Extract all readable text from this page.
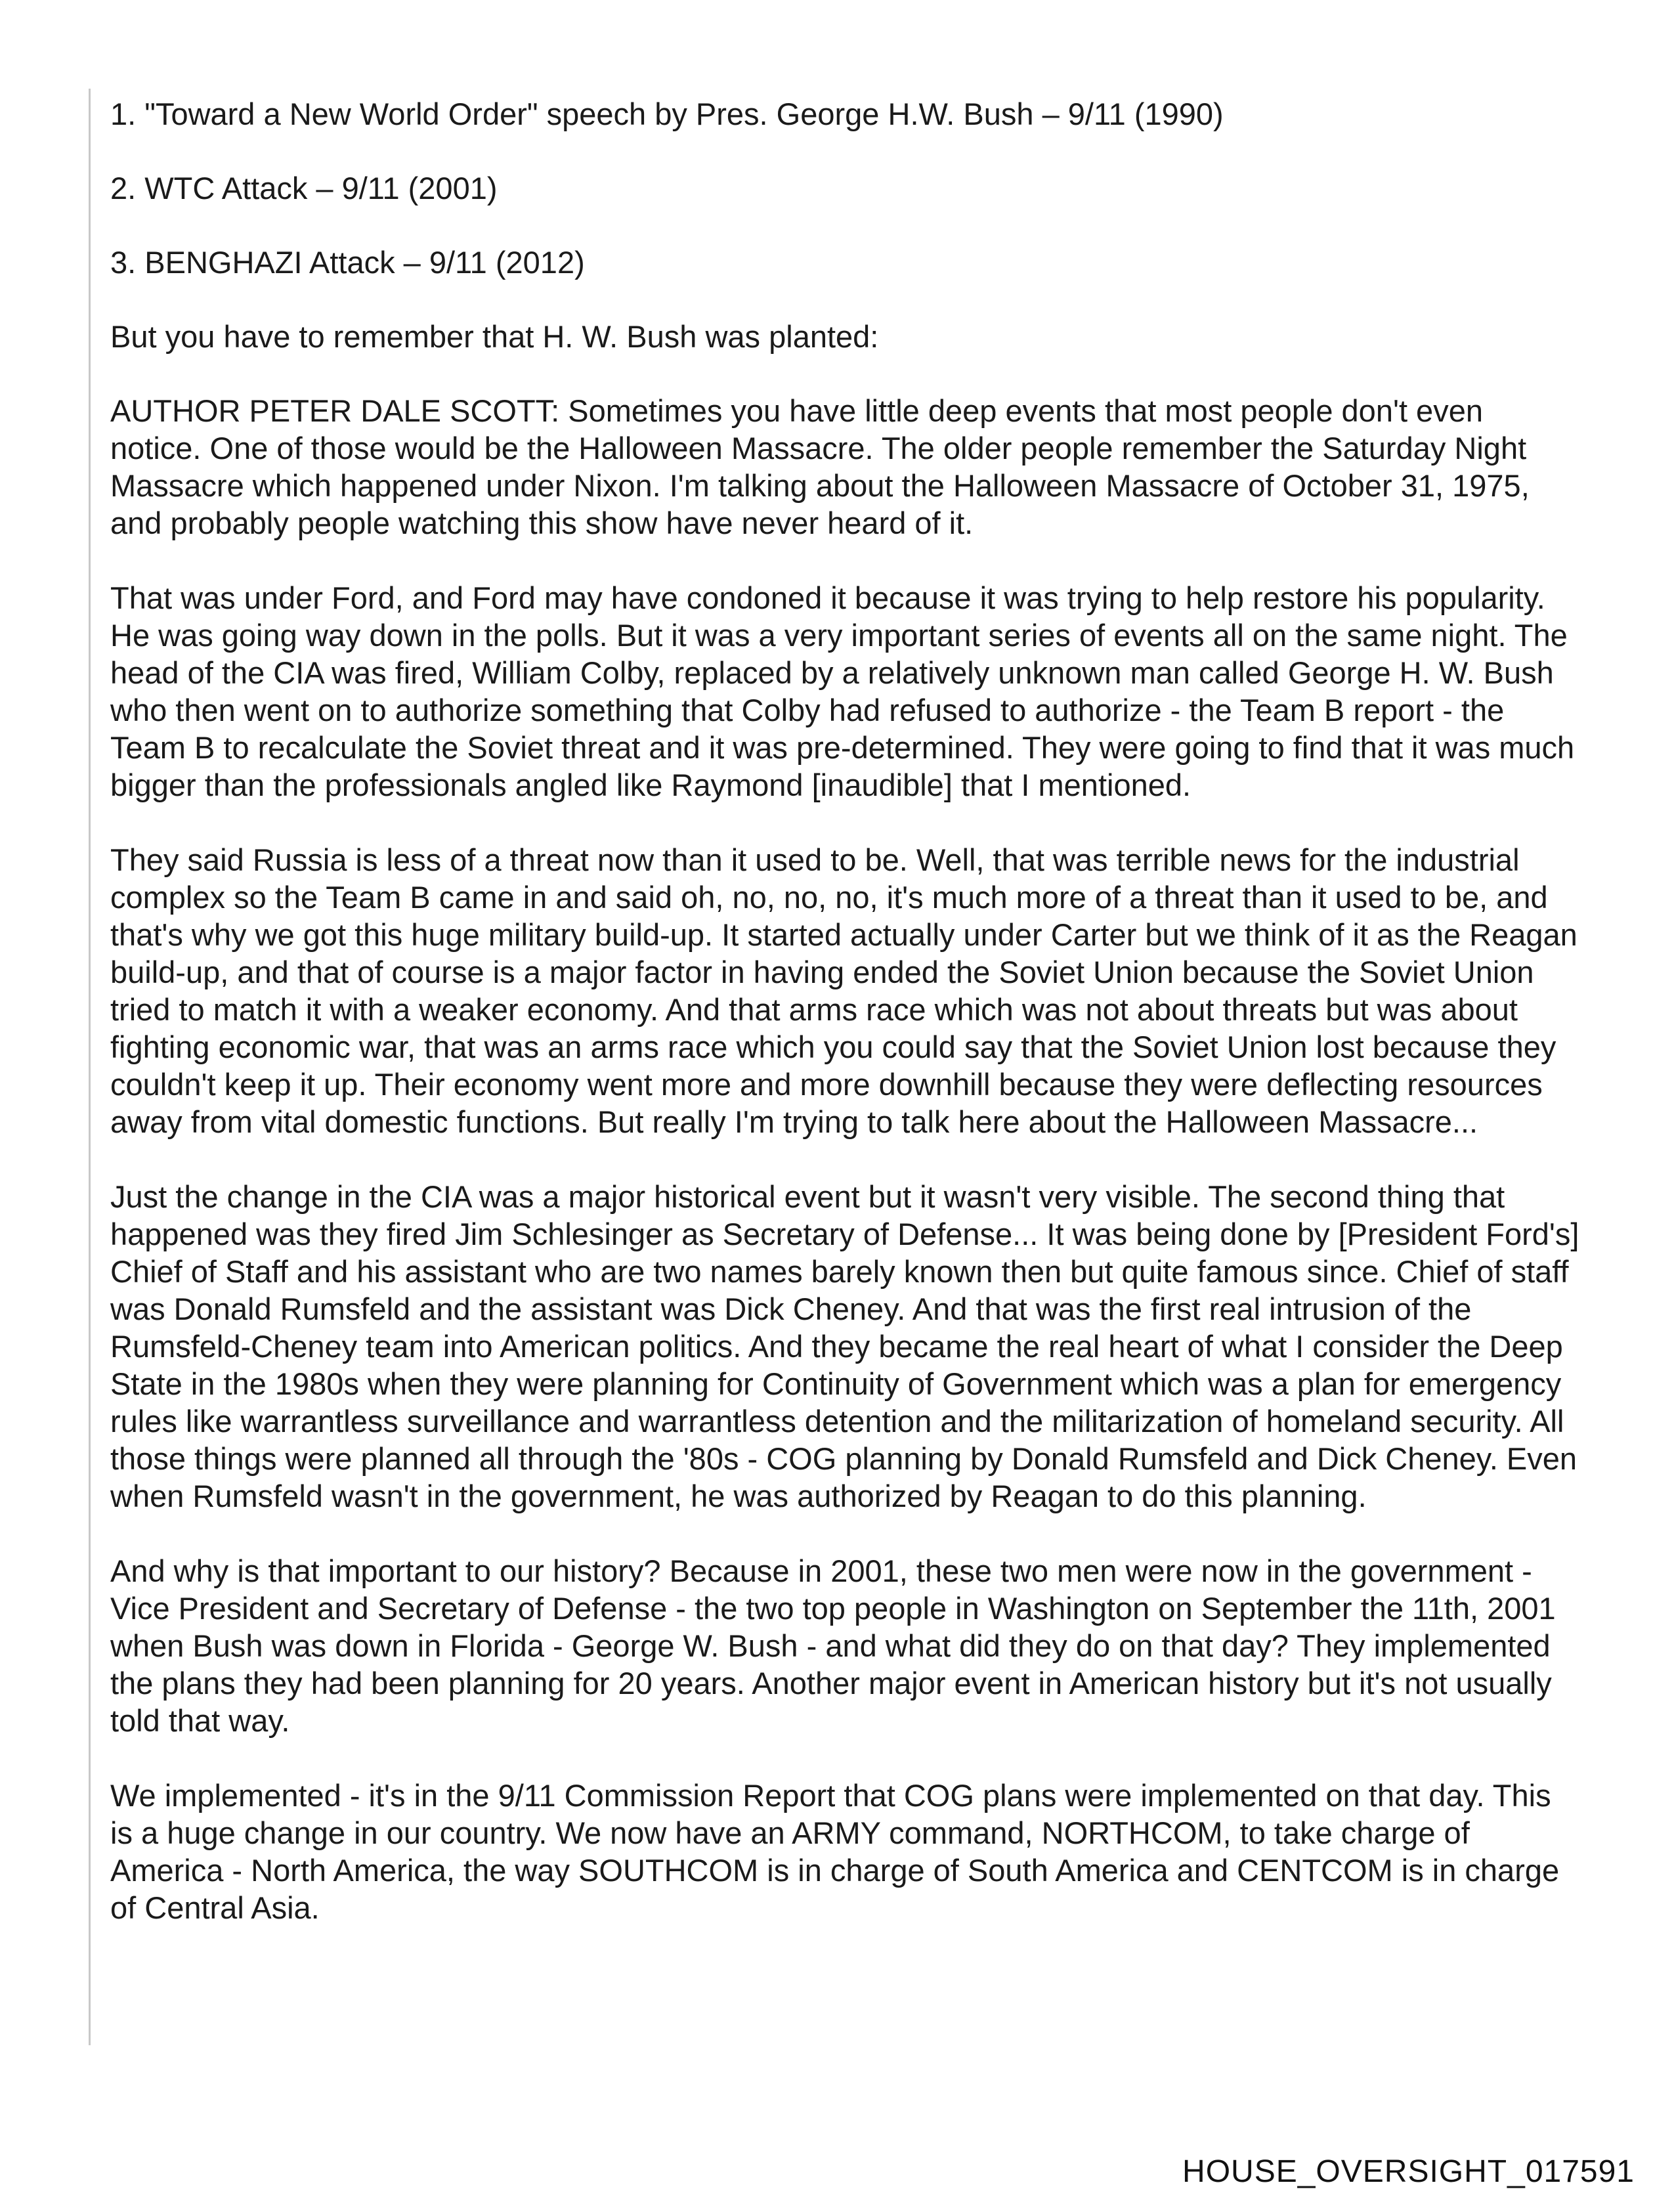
1. "Toward a New World Order" speech by Pres. George H.W. Bush – 9/11 (1990)
2. WTC Attack – 9/11 (2001)
3. BENGHAZI Attack – 9/11 (2012)
But you have to remember that H. W. Bush was planted:
AUTHOR PETER DALE SCOTT: Sometimes you have little deep events that most people don't even notice. One of those would be the Halloween Massacre. The older people remember the Saturday Night Massacre which happened under Nixon. I'm talking about the Halloween Massacre of October 31, 1975, and probably people watching this show have never heard of it.
That was under Ford, and Ford may have condoned it because it was trying to help restore his popularity. He was going way down in the polls. But it was a very important series of events all on the same night. The head of the CIA was fired, William Colby, replaced by a relatively unknown man called George H. W. Bush who then went on to authorize something that Colby had refused to authorize - the Team B report - the Team B to recalculate the Soviet threat and it was pre-determined. They were going to find that it was much bigger than the professionals angled like Raymond [inaudible] that I mentioned.
They said Russia is less of a threat now than it used to be. Well, that was terrible news for the industrial complex so the Team B came in and said oh, no, no, no, it's much more of a threat than it used to be, and that's why we got this huge military build-up. It started actually under Carter but we think of it as the Reagan build-up, and that of course is a major factor in having ended the Soviet Union because the Soviet Union tried to match it with a weaker economy. And that arms race which was not about threats but was about fighting economic war, that was an arms race which you could say that the Soviet Union lost because they couldn't keep it up. Their economy went more and more downhill because they were deflecting resources away from vital domestic functions. But really I'm trying to talk here about the Halloween Massacre...
Just the change in the CIA was a major historical event but it wasn't very visible. The second thing that happened was they fired Jim Schlesinger as Secretary of Defense... It was being done by [President Ford's] Chief of Staff and his assistant who are two names barely known then but quite famous since. Chief of staff was Donald Rumsfeld and the assistant was Dick Cheney. And that was the first real intrusion of the Rumsfeld-Cheney team into American politics. And they became the real heart of what I consider the Deep State in the 1980s when they were planning for Continuity of Government which was a plan for emergency rules like warrantless surveillance and warrantless detention and the militarization of homeland security. All those things were planned all through the '80s - COG planning by Donald Rumsfeld and Dick Cheney. Even when Rumsfeld wasn't in the government, he was authorized by Reagan to do this planning.
And why is that important to our history? Because in 2001, these two men were now in the government - Vice President and Secretary of Defense - the two top people in Washington on September the 11th, 2001 when Bush was down in Florida - George W. Bush - and what did they do on that day? They implemented the plans they had been planning for 20 years. Another major event in American history but it's not usually told that way.
We implemented - it's in the 9/11 Commission Report that COG plans were implemented on that day. This is a huge change in our country. We now have an ARMY command, NORTHCOM, to take charge of America - North America, the way SOUTHCOM is in charge of South America and CENTCOM is in charge of Central Asia.
HOUSE_OVERSIGHT_017591
